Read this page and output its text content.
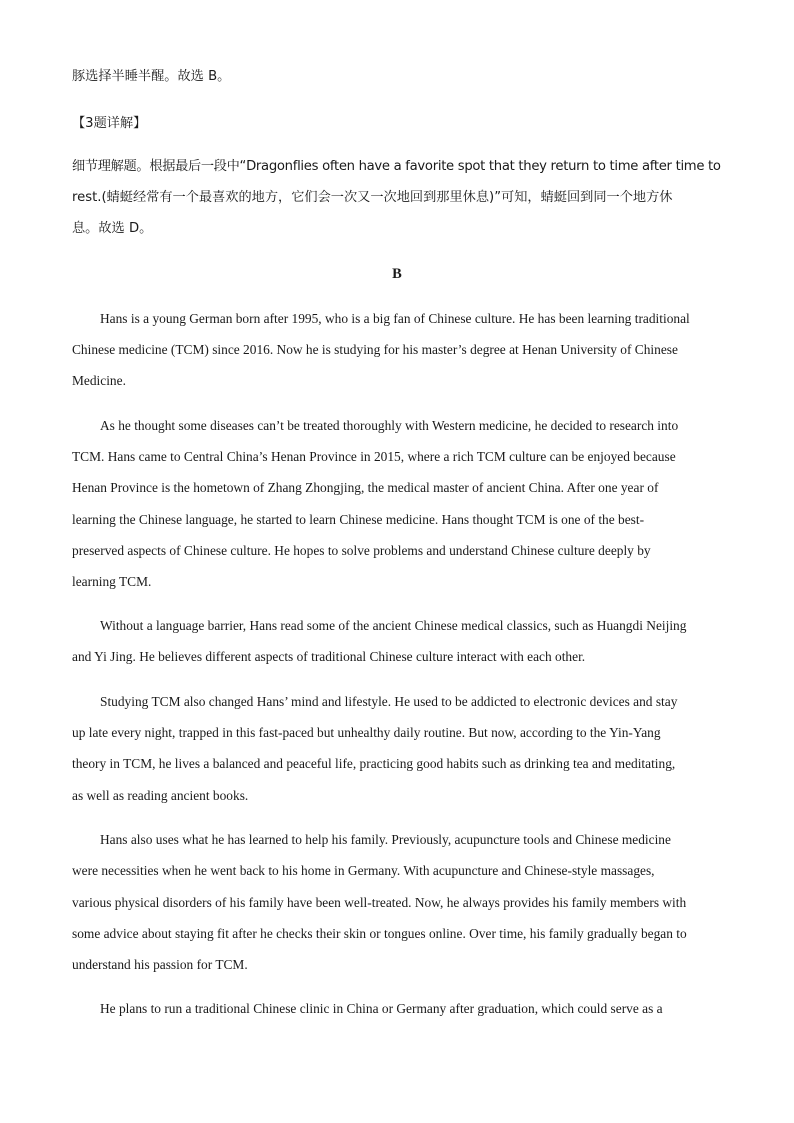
豚选择半睡半醒。故选 B。
【3题详解】
细节理解题。根据最后一段中“Dragonflies often have a favorite spot that they return to time after time to
rest.(蜻蜓经常有一个最喜欢的地方，它们会一次又一次地回到那里休息)”可知，蜻蜓回到同一个地方休
息。故选 D。
B
Hans is a young German born after 1995, who is a big fan of Chinese culture. He has been learning traditional
Chinese medicine (TCM) since 2016. Now he is studying for his master’s degree at Henan University of Chinese
Medicine.
As he thought some diseases can’t be treated thoroughly with Western medicine, he decided to research into
TCM. Hans came to Central China’s Henan Province in 2015, where a rich TCM culture can be enjoyed because
Henan Province is the hometown of Zhang Zhongjing, the medical master of ancient China. After one year of
learning the Chinese language, he started to learn Chinese medicine. Hans thought TCM is one of the best-
preserved aspects of Chinese culture. He hopes to solve problems and understand Chinese culture deeply by
learning TCM.
Without a language barrier, Hans read some of the ancient Chinese medical classics, such as Huangdi Neijing
and Yi Jing. He believes different aspects of traditional Chinese culture interact with each other.
Studying TCM also changed Hans’ mind and lifestyle. He used to be addicted to electronic devices and stay
up late every night, trapped in this fast-paced but unhealthy daily routine. But now, according to the Yin-Yang
theory in TCM, he lives a balanced and peaceful life, practicing good habits such as drinking tea and meditating,
as well as reading ancient books.
Hans also uses what he has learned to help his family. Previously, acupuncture tools and Chinese medicine
were necessities when he went back to his home in Germany. With acupuncture and Chinese-style massages,
various physical disorders of his family have been well-treated. Now, he always provides his family members with
some advice about staying fit after he checks their skin or tongues online. Over time, his family gradually began to
understand his passion for TCM.
He plans to run a traditional Chinese clinic in China or Germany after graduation, which could serve as a
